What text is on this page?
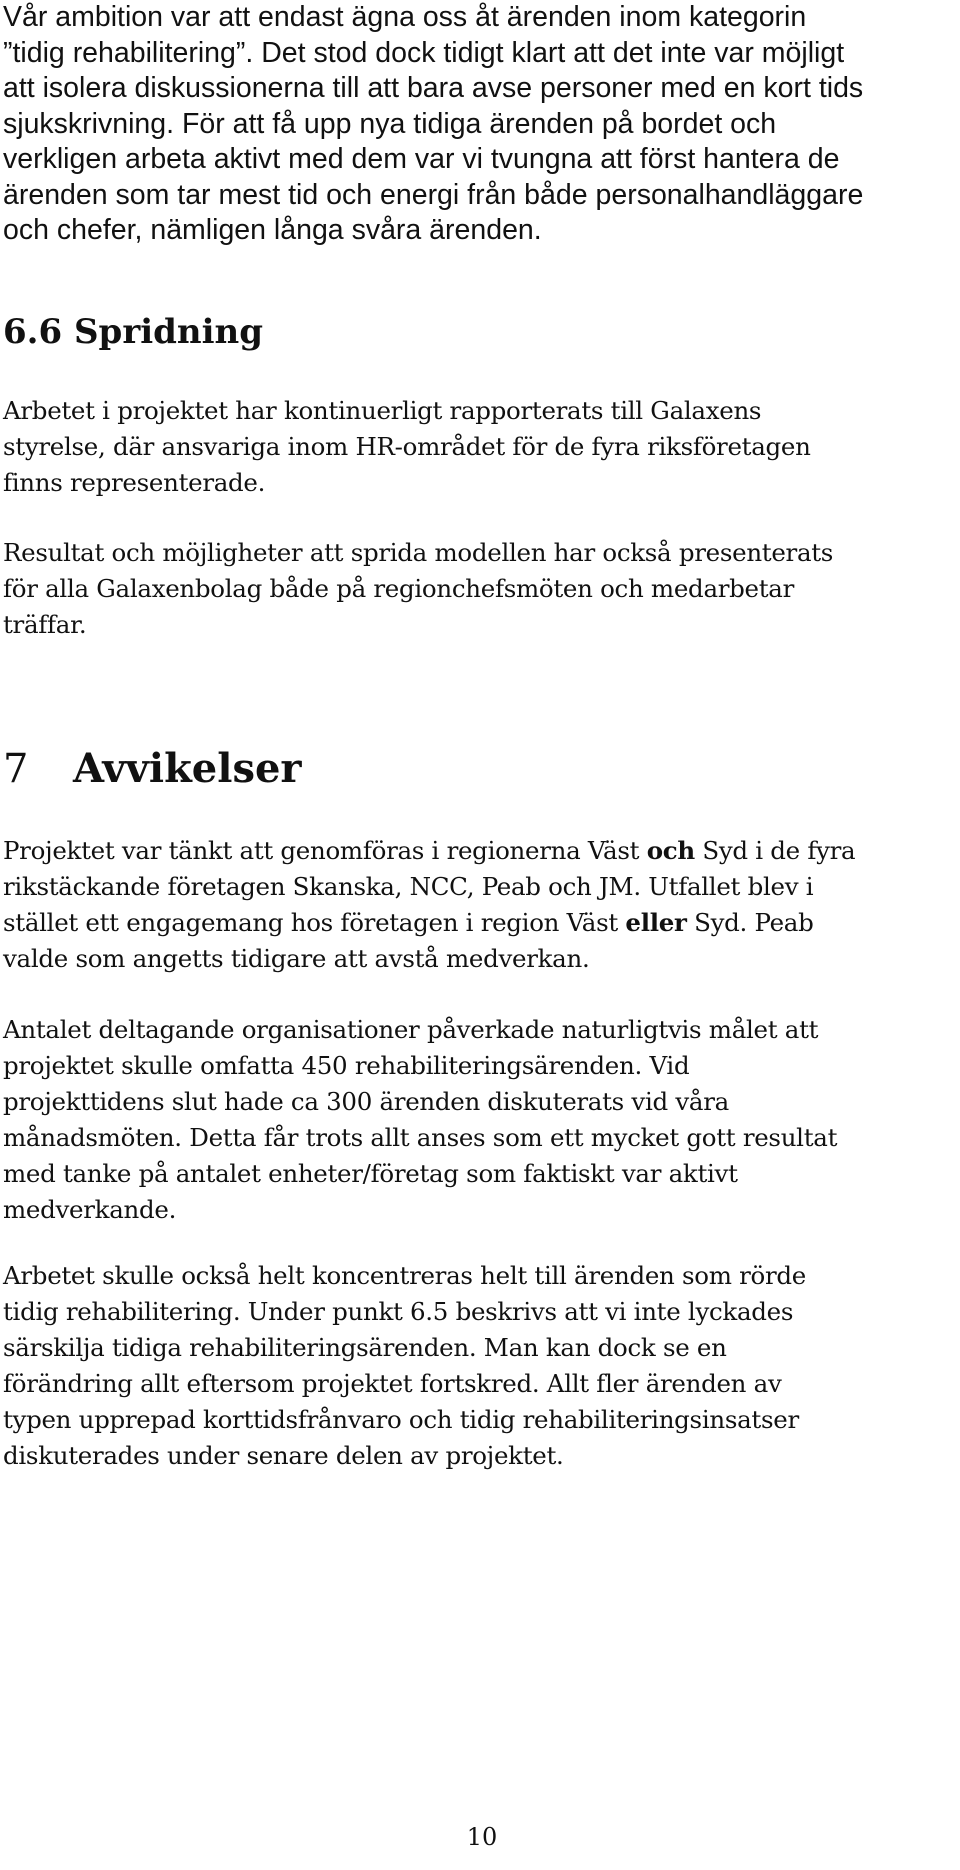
Vår ambition var att endast ägna oss åt ärenden inom kategorin
”tidig rehabilitering”. Det stod dock tidigt klart att det inte var möjligt
att isolera diskussionerna till att bara avse personer med en kort tids
sjukskrivning. För att få upp nya tidiga ärenden på bordet och
verkligen arbeta aktivt med dem var vi tvungna att först hantera de
ärenden som tar mest tid och energi från både personalhandläggare
och chefer, nämligen långa svåra ärenden.

6.6 Spridning

Arbetet i projektet har kontinuerligt rapporterats till Galaxens
styrelse, där ansvariga inom HR-området för de fyra riksföretagen
finns representerade.

Resultat och möjligheter att sprida modellen har också presenterats
för alla Galaxenbolag både på regionchefsmöten och medarbetar
träffar.

7 Avvikelser

Projektet var tänkt att genomföras i regionerna Väst och Syd i de fyra
rikstäckande företagen Skanska, NCC, Peab och JM. Utfallet blev i
stället ett engagemang hos företagen i region Väst eller Syd. Peab
valde som angetts tidigare att avstå medverkan.

Antalet deltagande organisationer påverkade naturligtvis målet att
projektet skulle omfatta 450 rehabiliteringsärenden. Vid
projekttidens slut hade ca 300 ärenden diskuterats vid våra
månadsmöten. Detta får trots allt anses som ett mycket gott resultat
med tanke på antalet enheter/företag som faktiskt var aktivt
medverkande.

Arbetet skulle också helt koncentreras helt till ärenden som rörde
tidig rehabilitering. Under punkt 6.5 beskrivs att vi inte lyckades
särskilja tidiga rehabiliteringsärenden. Man kan dock se en
förändring allt eftersom projektet fortskred. Allt fler ärenden av
typen upprepad korttidsfrånvaro och tidig rehabiliteringsinsatser
diskuterades under senare delen av projektet.

10
